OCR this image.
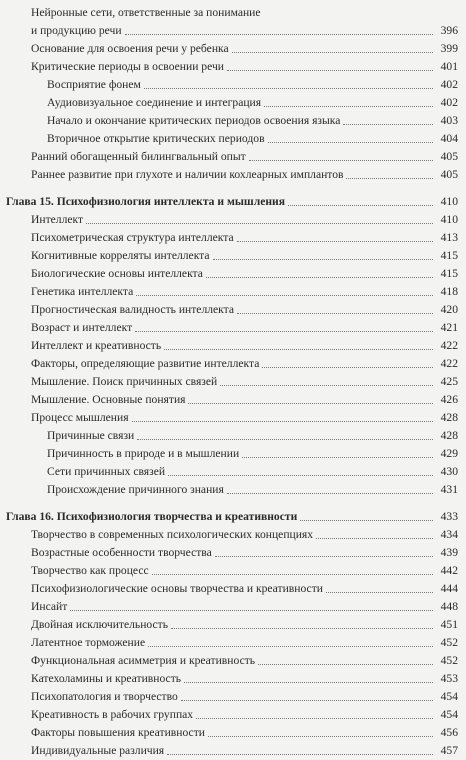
Нейронные сети, ответственные за понимание
и продукцию речи	396
Основание для освоения речи у ребенка	399
Критические периоды в освоении речи	401
Восприятие фонем	402
Аудиовизуальное соединение и интеграция	402
Начало и окончание критических периодов освоения языка	403
Вторичное открытие критических периодов	404
Ранний обогащенный билингвальный опыт	405
Раннее развитие при глухоте и наличии кохлеарных имплантов	405
Глава 15. Психофизиология интеллекта и мышления	410
Интеллект	410
Психометрическая структура интеллекта	413
Когнитивные корреляты интеллекта	415
Биологические основы интеллекта	415
Генетика интеллекта	418
Прогностическая валидность интеллекта	420
Возраст и интеллект	421
Интеллект и креативность	422
Факторы, определяющие развитие интеллекта	422
Мышление. Поиск причинных связей	425
Мышление. Основные понятия	426
Процесс мышления	428
Причинные связи	428
Причинность в природе и в мышлении	429
Сети причинных связей	430
Происхождение причинного знания	431
Глава 16. Психофизиология творчества и креативности	433
Творчество в современных психологических концепциях	434
Возрастные особенности творчества	439
Творчество как процесс	442
Психофизиологические основы творчества и креативности	444
Инсайт	448
Двойная исключительность	451
Латентное торможение	452
Функциональная асимметрия и креативность	452
Катехоламины и креативность	453
Психопатология и творчество	454
Креативность в рабочих группах	454
Факторы повышения креативности	456
Индивидуальные различия	457
